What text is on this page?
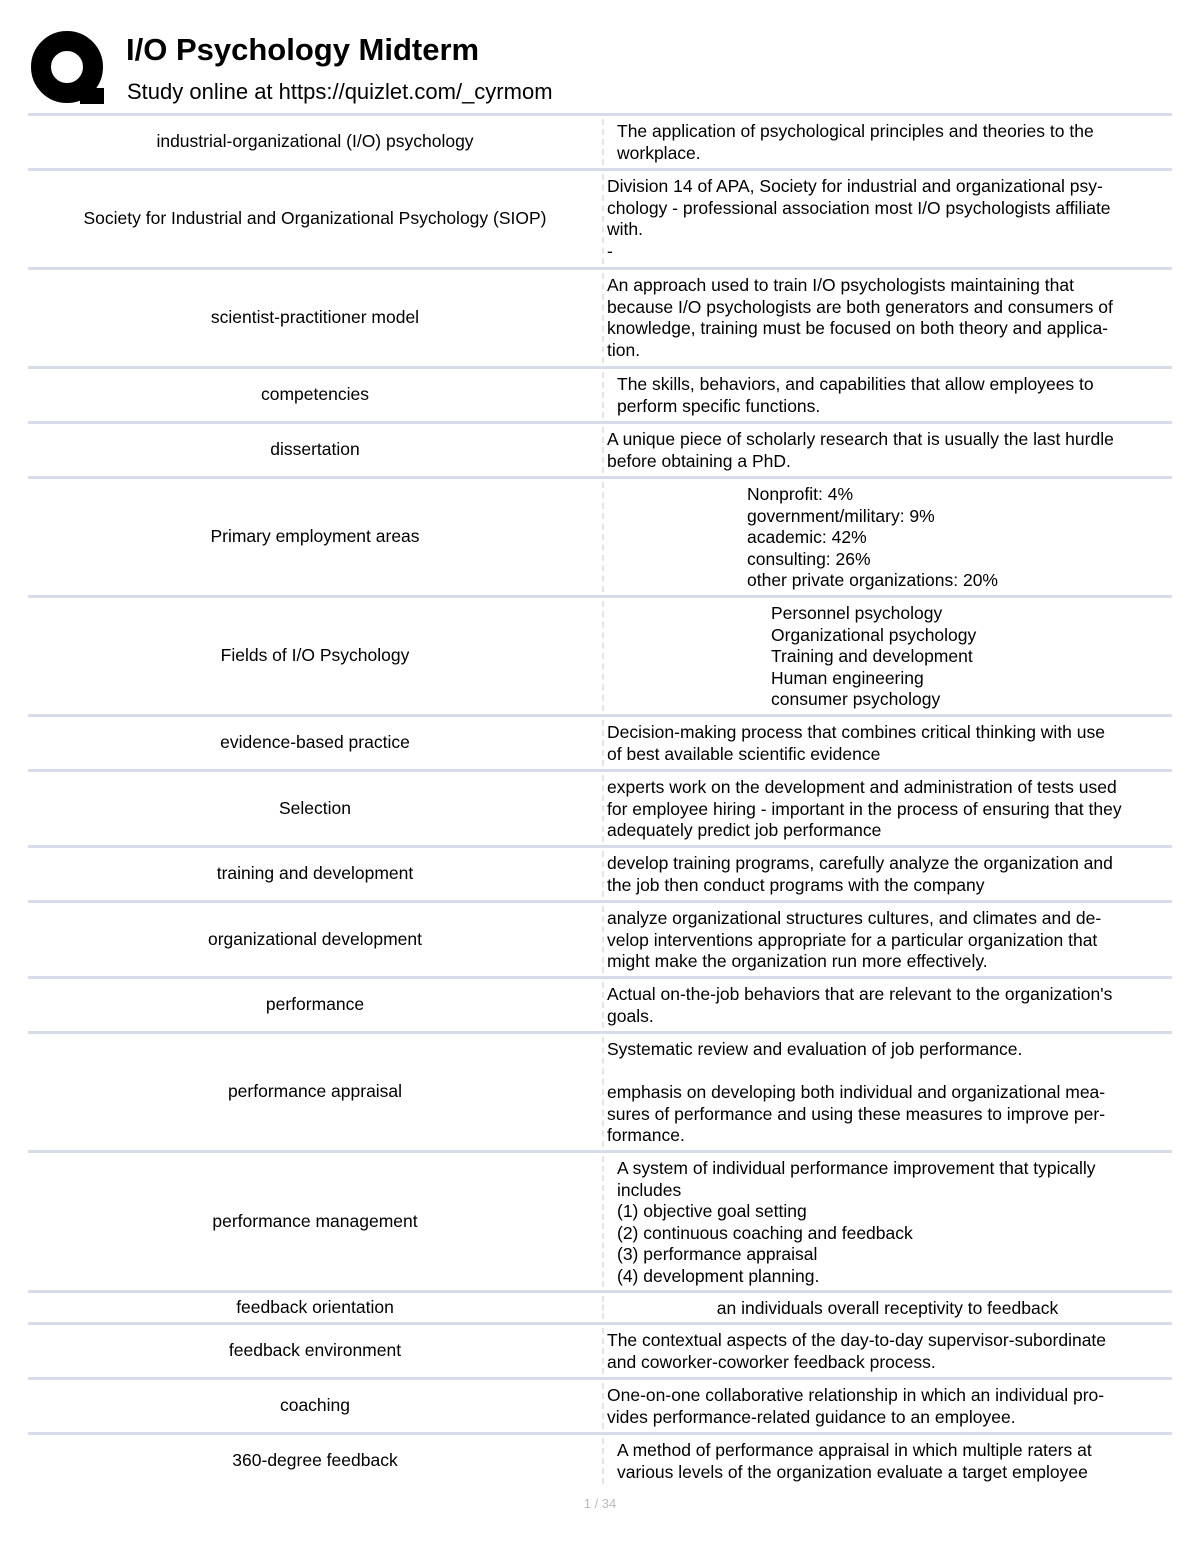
I/O Psychology Midterm
Study online at https://quizlet.com/_cyrmom
industrial-organizational (I/O) psychology
The application of psychological principles and theories to the workplace.
Society for Industrial and Organizational Psychology (SIOP)
Division 14 of APA, Society for industrial and organizational psy-
chology - professional association most I/O psychologists affiliate
with.
-
scientist-practitioner model
An approach used to train I/O psychologists maintaining that
because I/O psychologists are both generators and consumers of
knowledge, training must be focused on both theory and applica-
tion.
competencies
The skills, behaviors, and capabilities that allow employees to
perform specific functions.
dissertation
A unique piece of scholarly research that is usually the last hurdle
before obtaining a PhD.
Primary employment areas
Nonprofit: 4%
government/military: 9%
academic: 42%
consulting: 26%
other private organizations: 20%
Fields of I/O Psychology
Personnel psychology
Organizational psychology
Training and development
Human engineering
consumer psychology
evidence-based practice
Decision-making process that combines critical thinking with use
of best available scientific evidence
Selection
experts work on the development and administration of tests used
for employee hiring - important in the process of ensuring that they
adequately predict job performance
training and development
develop training programs, carefully analyze the organization and
the job then conduct programs with the company
organizational development
analyze organizational structures cultures, and climates and de-
velop interventions appropriate for a particular organization that
might make the organization run more effectively.
performance
Actual on-the-job behaviors that are relevant to the organization's
goals.
performance appraisal
Systematic review and evaluation of job performance.

emphasis on developing both individual and organizational mea-
sures of performance and using these measures to improve per-
formance.
performance management
A system of individual performance improvement that typically
includes
(1) objective goal setting
(2) continuous coaching and feedback
(3) performance appraisal
(4) development planning.
feedback orientation	an individuals overall receptivity to feedback
feedback environment
The contextual aspects of the day-to-day supervisor-subordinate
and coworker-coworker feedback process.
coaching
One-on-one collaborative relationship in which an individual pro-
vides performance-related guidance to an employee.
360-degree feedback
A method of performance appraisal in which multiple raters at
various levels of the organization evaluate a target employee
1 / 34
